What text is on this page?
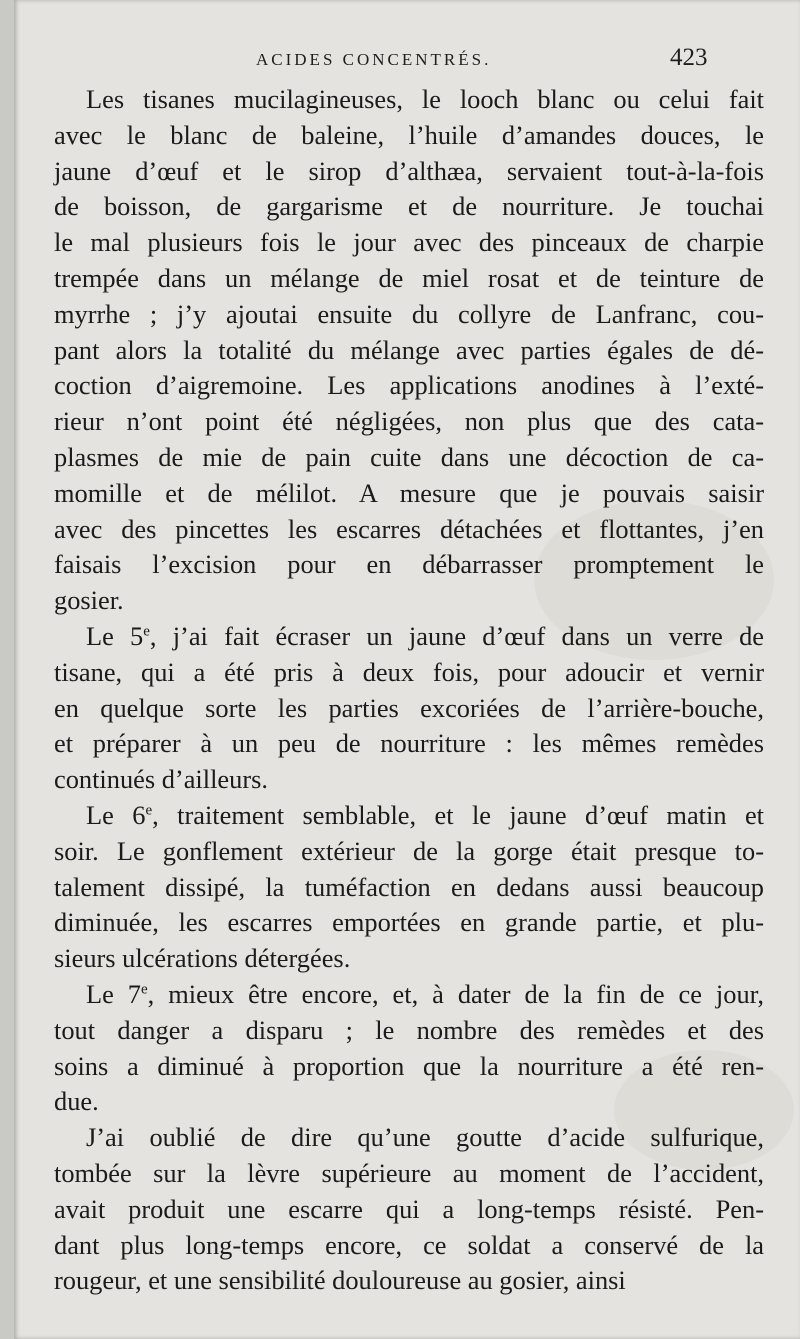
ACIDES CONCENTRÉS.	423
Les tisanes mucilagineuses, le looch blanc ou celui fait
avec le blanc de baleine, l’huile d’amandes douces, le
jaune d’œuf et le sirop d’althæa, servaient tout-à-la-fois
de boisson, de gargarisme et de nourriture. Je touchai
le mal plusieurs fois le jour avec des pinceaux de charpie
trempée dans un mélange de miel rosat et de teinture de
myrrhe ; j’y ajoutai ensuite du collyre de Lanfranc, cou-
pant alors la totalité du mélange avec parties égales de dé-
coction d’aigremoine. Les applications anodines à l’exté-
rieur n’ont point été négligées, non plus que des cata-
plasmes de mie de pain cuite dans une décoction de ca-
momille et de mélilot. A mesure que je pouvais saisir
avec des pincettes les escarres détachées et flottantes, j’en
faisais l’excision pour en débarrasser promptement le
gosier.
Le 5e, j’ai fait écraser un jaune d’œuf dans un verre de
tisane, qui a été pris à deux fois, pour adoucir et vernir
en quelque sorte les parties excoriées de l’arrière-bouche,
et préparer à un peu de nourriture : les mêmes remèdes
continués d’ailleurs.
Le 6e, traitement semblable, et le jaune d’œuf matin et
soir. Le gonflement extérieur de la gorge était presque to-
talement dissipé, la tuméfaction en dedans aussi beaucoup
diminuée, les escarres emportées en grande partie, et plu-
sieurs ulcérations détergées.
Le 7e, mieux être encore, et, à dater de la fin de ce jour,
tout danger a disparu ; le nombre des remèdes et des
soins a diminué à proportion que la nourriture a été ren-
due.
J’ai oublié de dire qu’une goutte d’acide sulfurique,
tombée sur la lèvre supérieure au moment de l’accident,
avait produit une escarre qui a long-temps résisté. Pen-
dant plus long-temps encore, ce soldat a conservé de la
rougeur, et une sensibilité douloureuse au gosier, ainsi
